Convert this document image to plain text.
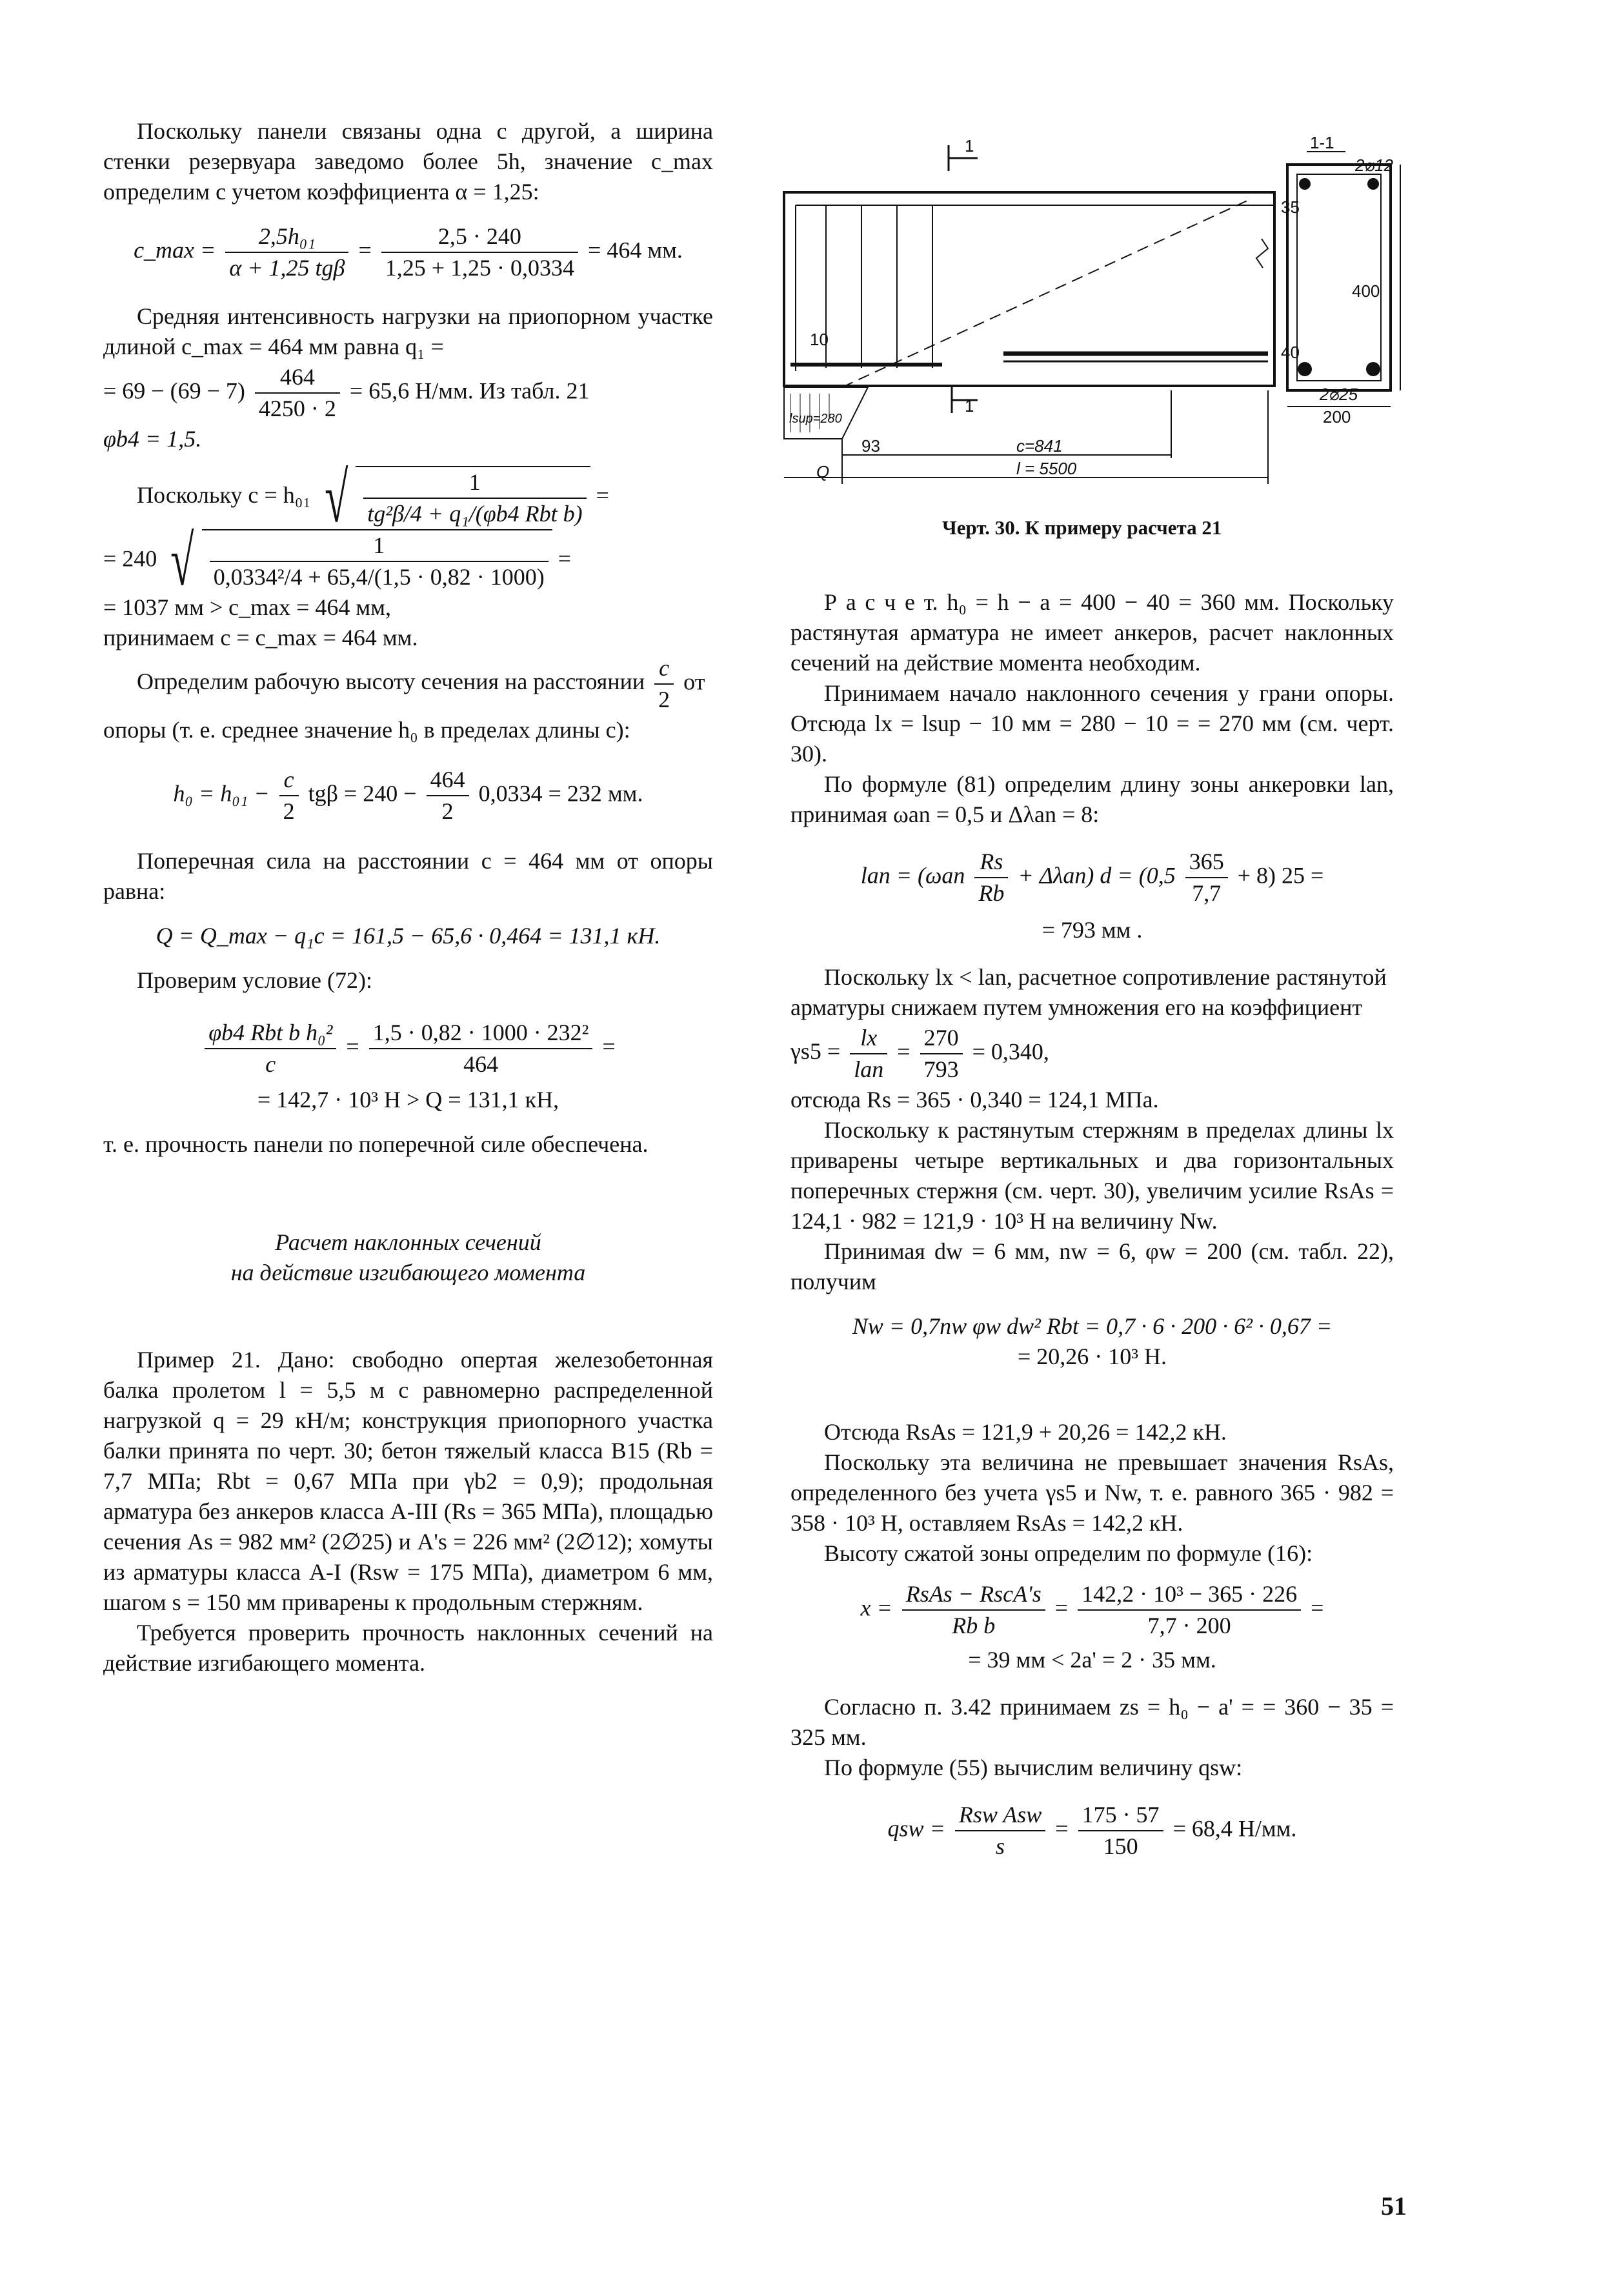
Поскольку панели связаны одна с другой, а ширина стенки резервуара заведомо более 5h, значение c_max определим с учетом коэффициента α = 1,25:

c_max = $\frac{\text{2,5h₀₁}}{\text{α + 1,25 tgβ}} = \frac{2,5 \cdot 240}{1,25 + 1,25 \cdot 0,0334} = 464$ мм.

Средняя интенсивность нагрузки на приопорном участке длиной c_max = 464 мм равна q₁ =

= $69 - (69 - 7) \frac{464}{4250 \cdot 2} = 65,6$ Н/мм. Из табл. 21
φb4 = 1,5.
Поскольку c = h₀₁ √ $\frac{1}{\text{tg²β/4 + q₁/(φb4 Rbt b)}}$ =
= 240 √ $\frac{1}{\text{0,0334²/4 + 65,4/(1,5 · 0,82 · 1000)}}$ =
= 1037 мм > c_max = 464 мм,
принимаем c = c_max = 464 мм.
Определим рабочую высоту сечения на расстоянии $\frac{c}{2}$ от опоры (т. е. среднее значение h₀ в пределах длины c):
$h_0 = h_{01} - \frac{c}{2}$ $tg\beta = 240 - \frac{464}{2} 0,0334 = 232$ мм.

Поперечная сила на расстоянии c = 464 мм от опоры равна:

Q = Q_max − q₁c = 161,5 − 65,6 · 0,464 = 131,1 кН.

Проверим условие (72):

$\frac{\text{φb4 Rbt b h₀²}}{c} = \frac{\text{1,5 · 0,82 · 1000 · 232²}}{464}$ =
= 142,7 · 10³ Н > Q = 131,1 кН,

т. е. прочность панели по поперечной силе обеспечена.

Расчет наклонных сечений
на действие изгибающего момента

Пример 21. Дано: свободно опертая железобетонная балка пролетом l = 5,5 м с равномерно распределенной нагрузкой q = 29 кН/м; конструкция приопорного участка балки принята по черт. 30; бетон тяжелый класса В15 (Rb = 7,7 МПа; Rbt = 0,67 МПа при γb2 = 0,9); продольная арматура без анкеров класса А-III (Rs = 365 МПа), площадью сечения As = 982 мм² (2∅25) и A's = 226 мм² (2∅12); хомуты из арматуры класса А-I (Rsw = 175 МПа), диаметром 6 мм, шагом s = 150 мм приварены к продольным стержням.

Требуется проверить прочность наклонных сечений на действие изгибающего момента.

1
1
1-1
2⌀12
2⌀25
35
400
40
200
10
lsup=280
93	c=841
l = 5500
Q
Черт. 30. К примеру расчета 21

Р а с ч е т. h₀ = h − a = 400 − 40 = 360 мм. Поскольку растянутая арматура не имеет анкеров, расчет наклонных сечений на действие момента необходим.

Принимаем начало наклонного сечения у грани опоры. Отсюда lx = lsup − 10 мм = 280 − 10 = = 270 мм (см. черт. 30).

По формуле (81) определим длину зоны анкеровки lan, принимая ωan = 0,5 и Δλan = 8:

lan = $(\omega an \frac{Rs}{Rb} + \Delta\lambda an)$ $d = (0,5 \frac{365}{7,7} + 8)$ 25 =
= 793 мм .
Поскольку lx < lan, расчетное сопротивление растянутой арматуры снижаем путем умножения его на коэффициент $\gamma s5 = \frac{lx}{\text{lan}} = \frac{270}{793} = 0,340$,
отсюда Rs = 365 · 0,340 = 124,1 МПа.

Поскольку к растянутым стержням в пределах длины lx приварены четыре вертикальных и два горизонтальных поперечных стержня (см. черт. 30), увеличим усилие RsAs = 124,1 · 982 = 121,9 · 10³ Н на величину Nw.

Принимая dw = 6 мм, nw = 6, φw = 200 (см. табл. 22), получим

Nw = 0,7nw φw dw² Rbt = 0,7 · 6 · 200 · 6² · 0,67 =
= 20,26 · 10³ Н.

Отсюда RsAs = 121,9 + 20,26 = 142,2 кН.

Поскольку эта величина не превышает значения RsAs, определенного без учета γs5 и Nw, т. е. равного 365 · 982 = 358 · 10³ Н, оставляем RsAs = 142,2 кН.

Высоту сжатой зоны определим по формуле (16):

$x = \frac{\text{RsAs − RscA's}}{\text{Rb b}} = \frac{\text{142,2 · 10³ − 365 · 226}}{7,7 \cdot 200}$ =
= 39 мм < 2a' = 2 · 35 мм.

Согласно п. 3.42 принимаем zs = h₀ − a' = = 360 − 35 = 325 мм.

По формуле (55) вычислим величину qsw:

qsw = $\frac{\text{Rsw Asw}}{s} = \frac{175 \cdot 57}{150} = 68,4$ Н/мм.
51
